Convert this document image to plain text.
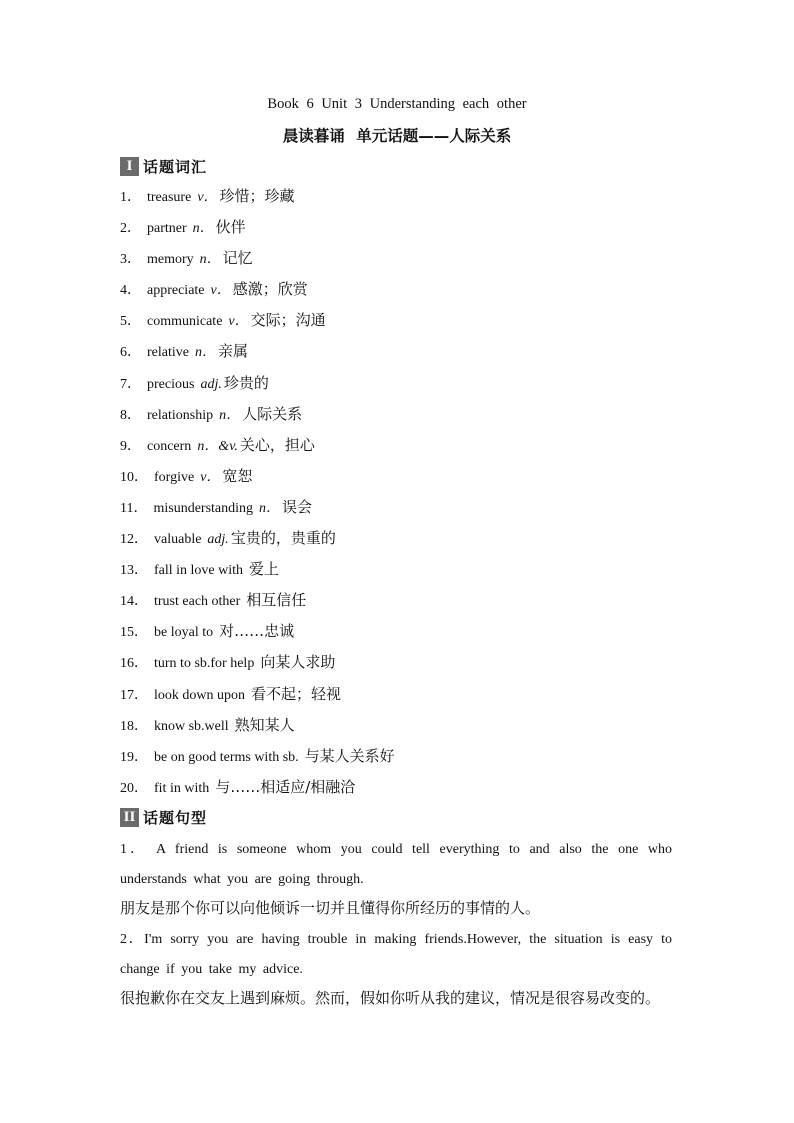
Book 6 Unit 3 Understanding each other
晨读暮诵 单元话题——人际关系
I 话题词汇
1． treasure v． 珍惜；珍藏
2． partner n． 伙伴
3． memory n． 记忆
4． appreciate v． 感激；欣赏
5． communicate v． 交际；沟通
6． relative n． 亲属
7． precious adj. 珍贵的
8． relationship n． 人际关系
9． concern n．&v. 关心，担心
10． forgive v． 宽恕
11． misunderstanding n． 误会
12． valuable adj. 宝贵的，贵重的
13． fall in love with 爱上
14． trust each other 相互信任
15． be loyal to 对……忠诚
16． turn to sb.for help 向某人求助
17． look down upon 看不起；轻视
18． know sb.well 熟知某人
19． be on good terms with sb. 与某人关系好
20． fit in with 与……相适应/相融洽
II 话题句型
1． A friend is someone whom you could tell everything to and also the one who understands what you are going through.
朋友是那个你可以向他倾诉一切并且懂得你所经历的事情的人。
2．I'm sorry you are having trouble in making friends.However, the situation is easy to change if you take my advice.
很抱歉你在交友上遇到麻烦。然而，假如你听从我的建议，情况是很容易改变的。
